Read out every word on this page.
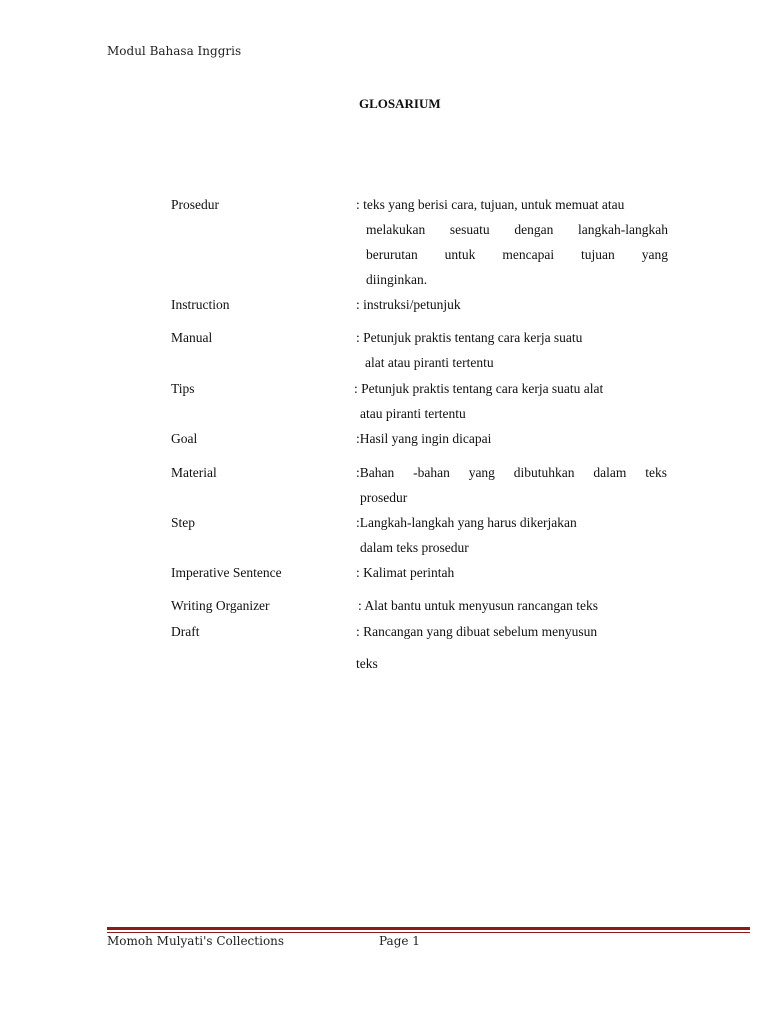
Modul Bahasa Inggris
GLOSARIUM
Prosedur	: teks yang berisi cara, tujuan, untuk memuat atau
melakukan sesuatu dengan langkah-langkah
berurutan untuk mencapai tujuan yang
diinginkan.
Instruction	: instruksi/petunjuk
Manual	: Petunjuk praktis tentang cara kerja suatu
alat atau piranti tertentu
Tips	: Petunjuk praktis tentang cara kerja suatu alat
atau piranti tertentu
Goal	:Hasil yang ingin dicapai
Material	:Bahan -bahan yang dibutuhkan dalam teks
prosedur
Step	:Langkah-langkah yang harus dikerjakan
dalam teks prosedur
Imperative Sentence	: Kalimat perintah
Writing Organizer	: Alat bantu untuk menyusun rancangan teks
Draft	: Rancangan yang dibuat sebelum menyusun
teks
Momoh Mulyati's Collections	Page 1
